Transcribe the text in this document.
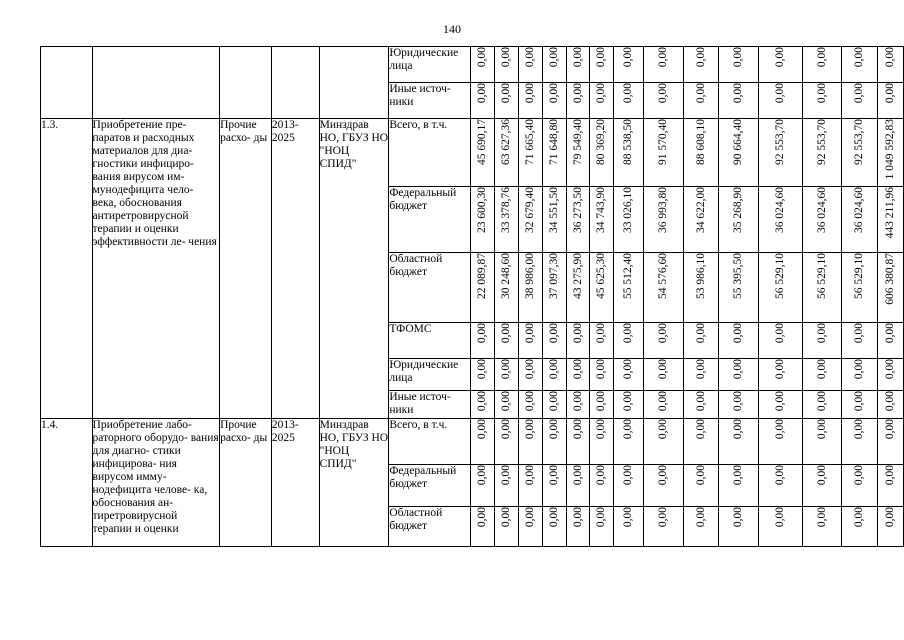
140
					Юридические лица	0,00	0,00	0,00	0,00	0,00	0,00	0,00	0,00	0,00	0,00	0,00	0,00	0,00	0,00
					Иные источ- ники	0,00	0,00	0,00	0,00	0,00	0,00	0,00	0,00	0,00	0,00	0,00	0,00	0,00	0,00
1.3.	Приобретение пре- паратов и расходных материалов для диа- гностики инфициро- вания вирусом им- мунодефицита чело- века, обоснования антиретровирусной терапии и оценки эффективности ле- чения	Прочие расхо- ды	2013- 2025	Минздрав НО, ГБУЗ НО "НОЦ СПИД"	Всего, в т.ч.	45 690,17	63 627,36	71 665,40	71 648,80	79 549,40	80 369,20	88 538,50	91 570,40	88 608,10	90 664,40	92 553,70	92 553,70	92 553,70	1 049 592,83
					Федеральный бюджет	23 600,30	33 378,76	32 679,40	34 551,50	36 273,50	34 743,90	33 026,10	36 993,80	34 622,00	35 268,90	36 024,60	36 024,60	36 024,60	443 211,96
					Областной бюджет	22 089,87	30 248,60	38 986,00	37 097,30	43 275,90	45 625,30	55 512,40	54 576,60	53 986,10	55 395,50	56 529,10	56 529,10	56 529,10	606 380,87
					ТФОМС	0,00	0,00	0,00	0,00	0,00	0,00	0,00	0,00	0,00	0,00	0,00	0,00	0,00	0,00
					Юридические лица	0,00	0,00	0,00	0,00	0,00	0,00	0,00	0,00	0,00	0,00	0,00	0,00	0,00	0,00
					Иные источ- ники	0,00	0,00	0,00	0,00	0,00	0,00	0,00	0,00	0,00	0,00	0,00	0,00	0,00	0,00
1.4.	Приобретение лабо- раторного оборудо- вания для диагно- стики инфицирова- ния вирусом имму- нодефицита челове- ка, обоснования ан- тиретровирусной терапии и оценки	Прочие расхо- ды	2013- 2025	Минздрав НО, ГБУЗ НО "НОЦ СПИД"	Всего, в т.ч.	0,00	0,00	0,00	0,00	0,00	0,00	0,00	0,00	0,00	0,00	0,00	0,00	0,00	0,00
					Федеральный бюджет	0,00	0,00	0,00	0,00	0,00	0,00	0,00	0,00	0,00	0,00	0,00	0,00	0,00	0,00
					Областной бюджет	0,00	0,00	0,00	0,00	0,00	0,00	0,00	0,00	0,00	0,00	0,00	0,00	0,00	0,00
